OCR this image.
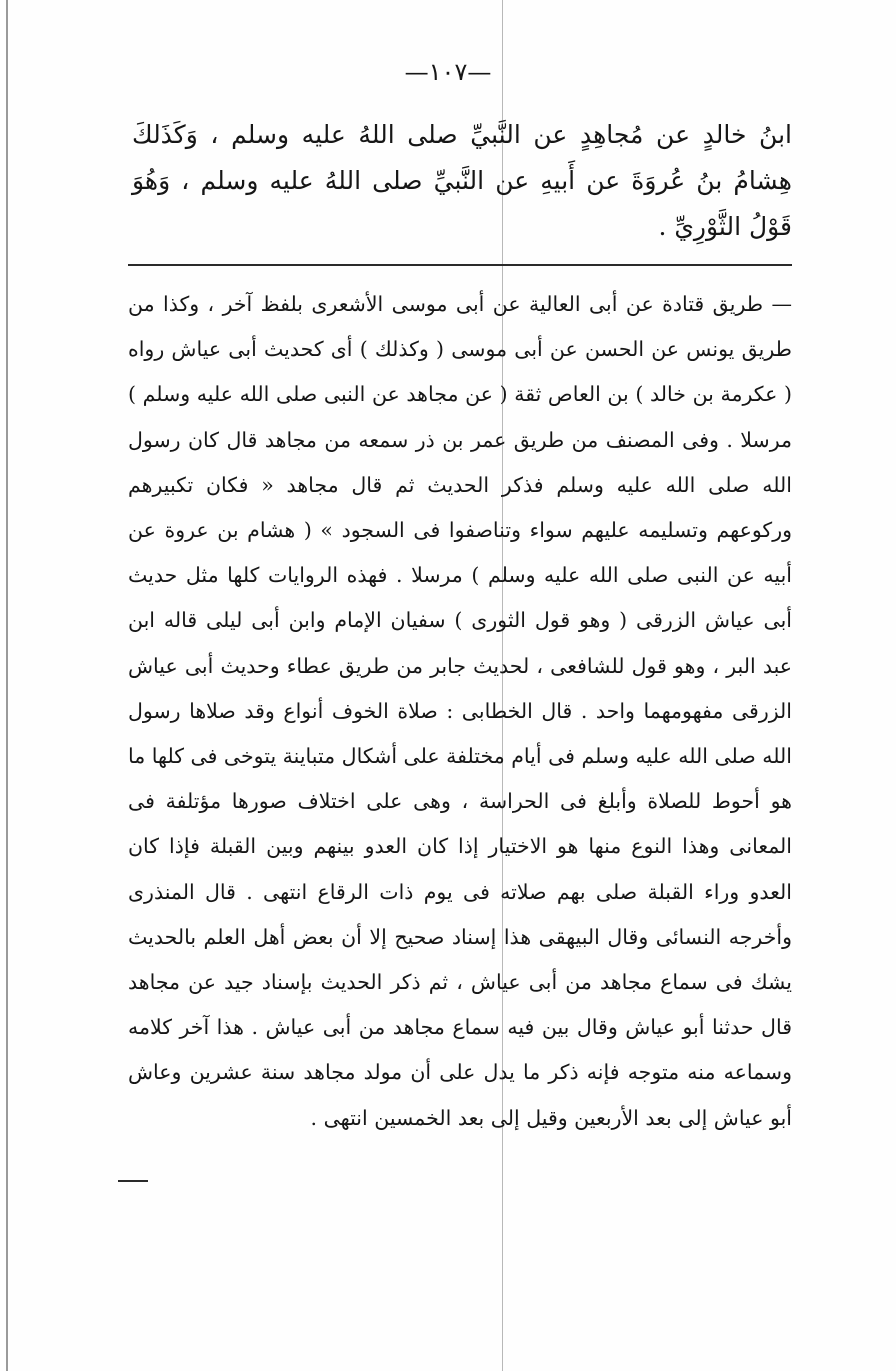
—١٠٧—

ابنُ خالدٍ عن مُجاهِدٍ عن النَّبيِّ صلى اللهُ عليه وسلم ، وَكَذَلكَ هِشامُ بنُ عُروَةَ عن أَبيهِ عن النَّبيِّ صلى اللهُ عليه وسلم ، وَهُوَ قَوْلُ الثَّوْرِيِّ .

— طريق قتادة عن أبى العالية عن أبى موسى الأشعرى بلفظ آخر ، وكذا من طريق يونس عن الحسن عن أبى موسى ( وكذلك ) أى كحديث أبى عياش رواه ( عكرمة بن خالد ) بن العاص ثقة ( عن مجاهد عن النبى صلى الله عليه وسلم ) مرسلا . وفى المصنف من طريق عمر بن ذر سمعه من مجاهد قال كان رسول الله صلى الله عليه وسلم فذكر الحديث ثم قال مجاهد « فكان تكبيرهم وركوعهم وتسليمه عليهم سواء وتناصفوا فى السجود » ( هشام بن عروة عن أبيه عن النبى صلى الله عليه وسلم ) مرسلا . فهذه الروايات كلها مثل حديث أبى عياش الزرقى ( وهو قول الثورى ) سفيان الإمام وابن أبى ليلى قاله ابن عبد البر ، وهو قول للشافعى ، لحديث جابر من طريق عطاء وحديث أبى عياش الزرقى مفهومهما واحد . قال الخطابى : صلاة الخوف أنواع وقد صلاها رسول الله صلى الله عليه وسلم فى أيام مختلفة على أشكال متباينة يتوخى فى كلها ما هو أحوط للصلاة وأبلغ فى الحراسة ، وهى على اختلاف صورها مؤتلفة فى المعانى وهذا النوع منها هو الاختيار إذا كان العدو بينهم وبين القبلة فإذا كان العدو وراء القبلة صلى بهم صلاته فى يوم ذات الرقاع انتهى . قال المنذرى وأخرجه النسائى وقال البيهقى هذا إسناد صحيح إلا أن بعض أهل العلم بالحديث يشك فى سماع مجاهد من أبى عياش ، ثم ذكر الحديث بإسناد جيد عن مجاهد قال حدثنا أبو عياش وقال بين فيه سماع مجاهد من أبى عياش . هذا آخر كلامه وسماعه منه متوجه فإنه ذكر ما يدل على أن مولد مجاهد سنة عشرين وعاش أبو عياش إلى بعد الأربعين وقيل إلى بعد الخمسين انتهى .
